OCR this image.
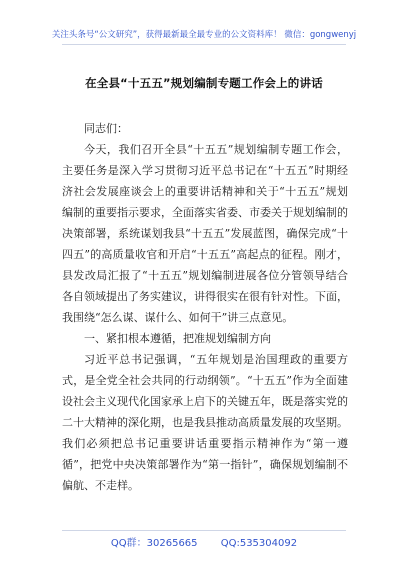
关注头条号“公文研究”，获得最新最全最专业的公文资料库！ 微信：gongwenyj
在全县“十五五”规划编制专题工作会上的讲话

同志们：

今天，我们召开全县“十五五”规划编制专题工作会，主要任务是深入学习贯彻习近平总书记在“十五五”时期经济社会发展座谈会上的重要讲话精神和关于“十五五”规划编制的重要指示要求，全面落实省委、市委关于规划编制的决策部署，系统谋划我县“十五五”发展蓝图，确保完成“十四五”的高质量收官和开启“十五五”高起点的征程。刚才，县发改局汇报了“十五五”规划编制进展各位分管领导结合各自领域提出了务实建议，讲得很实在很有针对性。下面，我围绕“怎么谋、谋什么、如何干”讲三点意见。

一、紧扣根本遵循，把准规划编制方向

习近平总书记强调，“五年规划是治国理政的重要方式，是全党全社会共同的行动纲领”。“十五五”作为全面建设社会主义现代化国家承上启下的关键五年，既是落实党的二十大精神的深化期，也是我县推动高质量发展的攻坚期。我们必须把总书记重要讲话重要指示精神作为“第一遵循”，把党中央决策部署作为“第一指针”，确保规划编制不偏航、不走样。

QQ群：30265665 QQ:535304092
